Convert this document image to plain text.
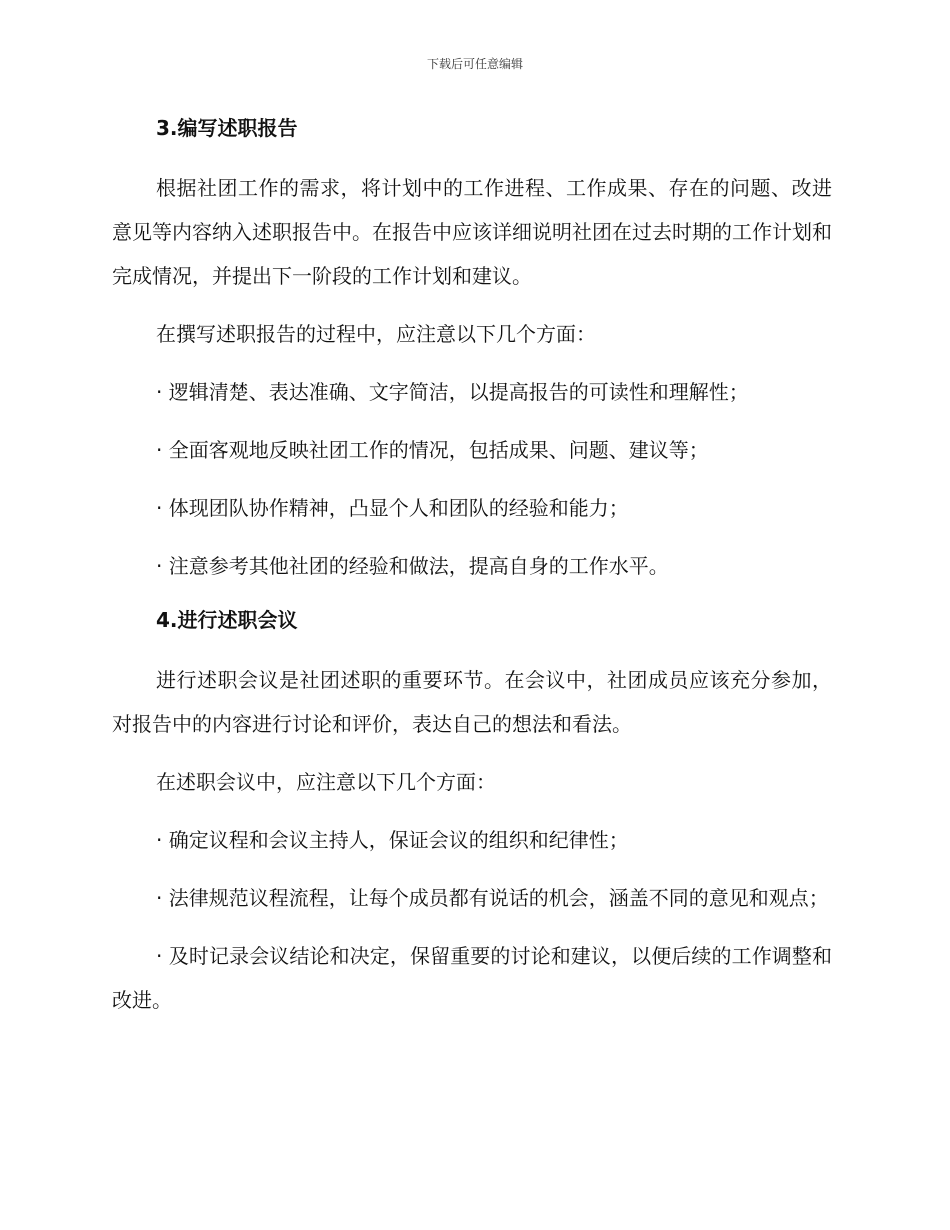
下载后可任意编辑
3.编写述职报告
根据社团工作的需求，将计划中的工作进程、工作成果、存在的问题、改进意见等内容纳入述职报告中。在报告中应该详细说明社团在过去时期的工作计划和完成情况，并提出下一阶段的工作计划和建议。
在撰写述职报告的过程中，应注意以下几个方面：
· 逻辑清楚、表达准确、文字简洁，以提高报告的可读性和理解性；
· 全面客观地反映社团工作的情况，包括成果、问题、建议等；
· 体现团队协作精神，凸显个人和团队的经验和能力；
· 注意参考其他社团的经验和做法，提高自身的工作水平。
4.进行述职会议
进行述职会议是社团述职的重要环节。在会议中，社团成员应该充分参加，对报告中的内容进行讨论和评价，表达自己的想法和看法。
在述职会议中，应注意以下几个方面：
· 确定议程和会议主持人，保证会议的组织和纪律性；
· 法律规范议程流程，让每个成员都有说话的机会，涵盖不同的意见和观点；
· 及时记录会议结论和决定，保留重要的讨论和建议，以便后续的工作调整和改进。
